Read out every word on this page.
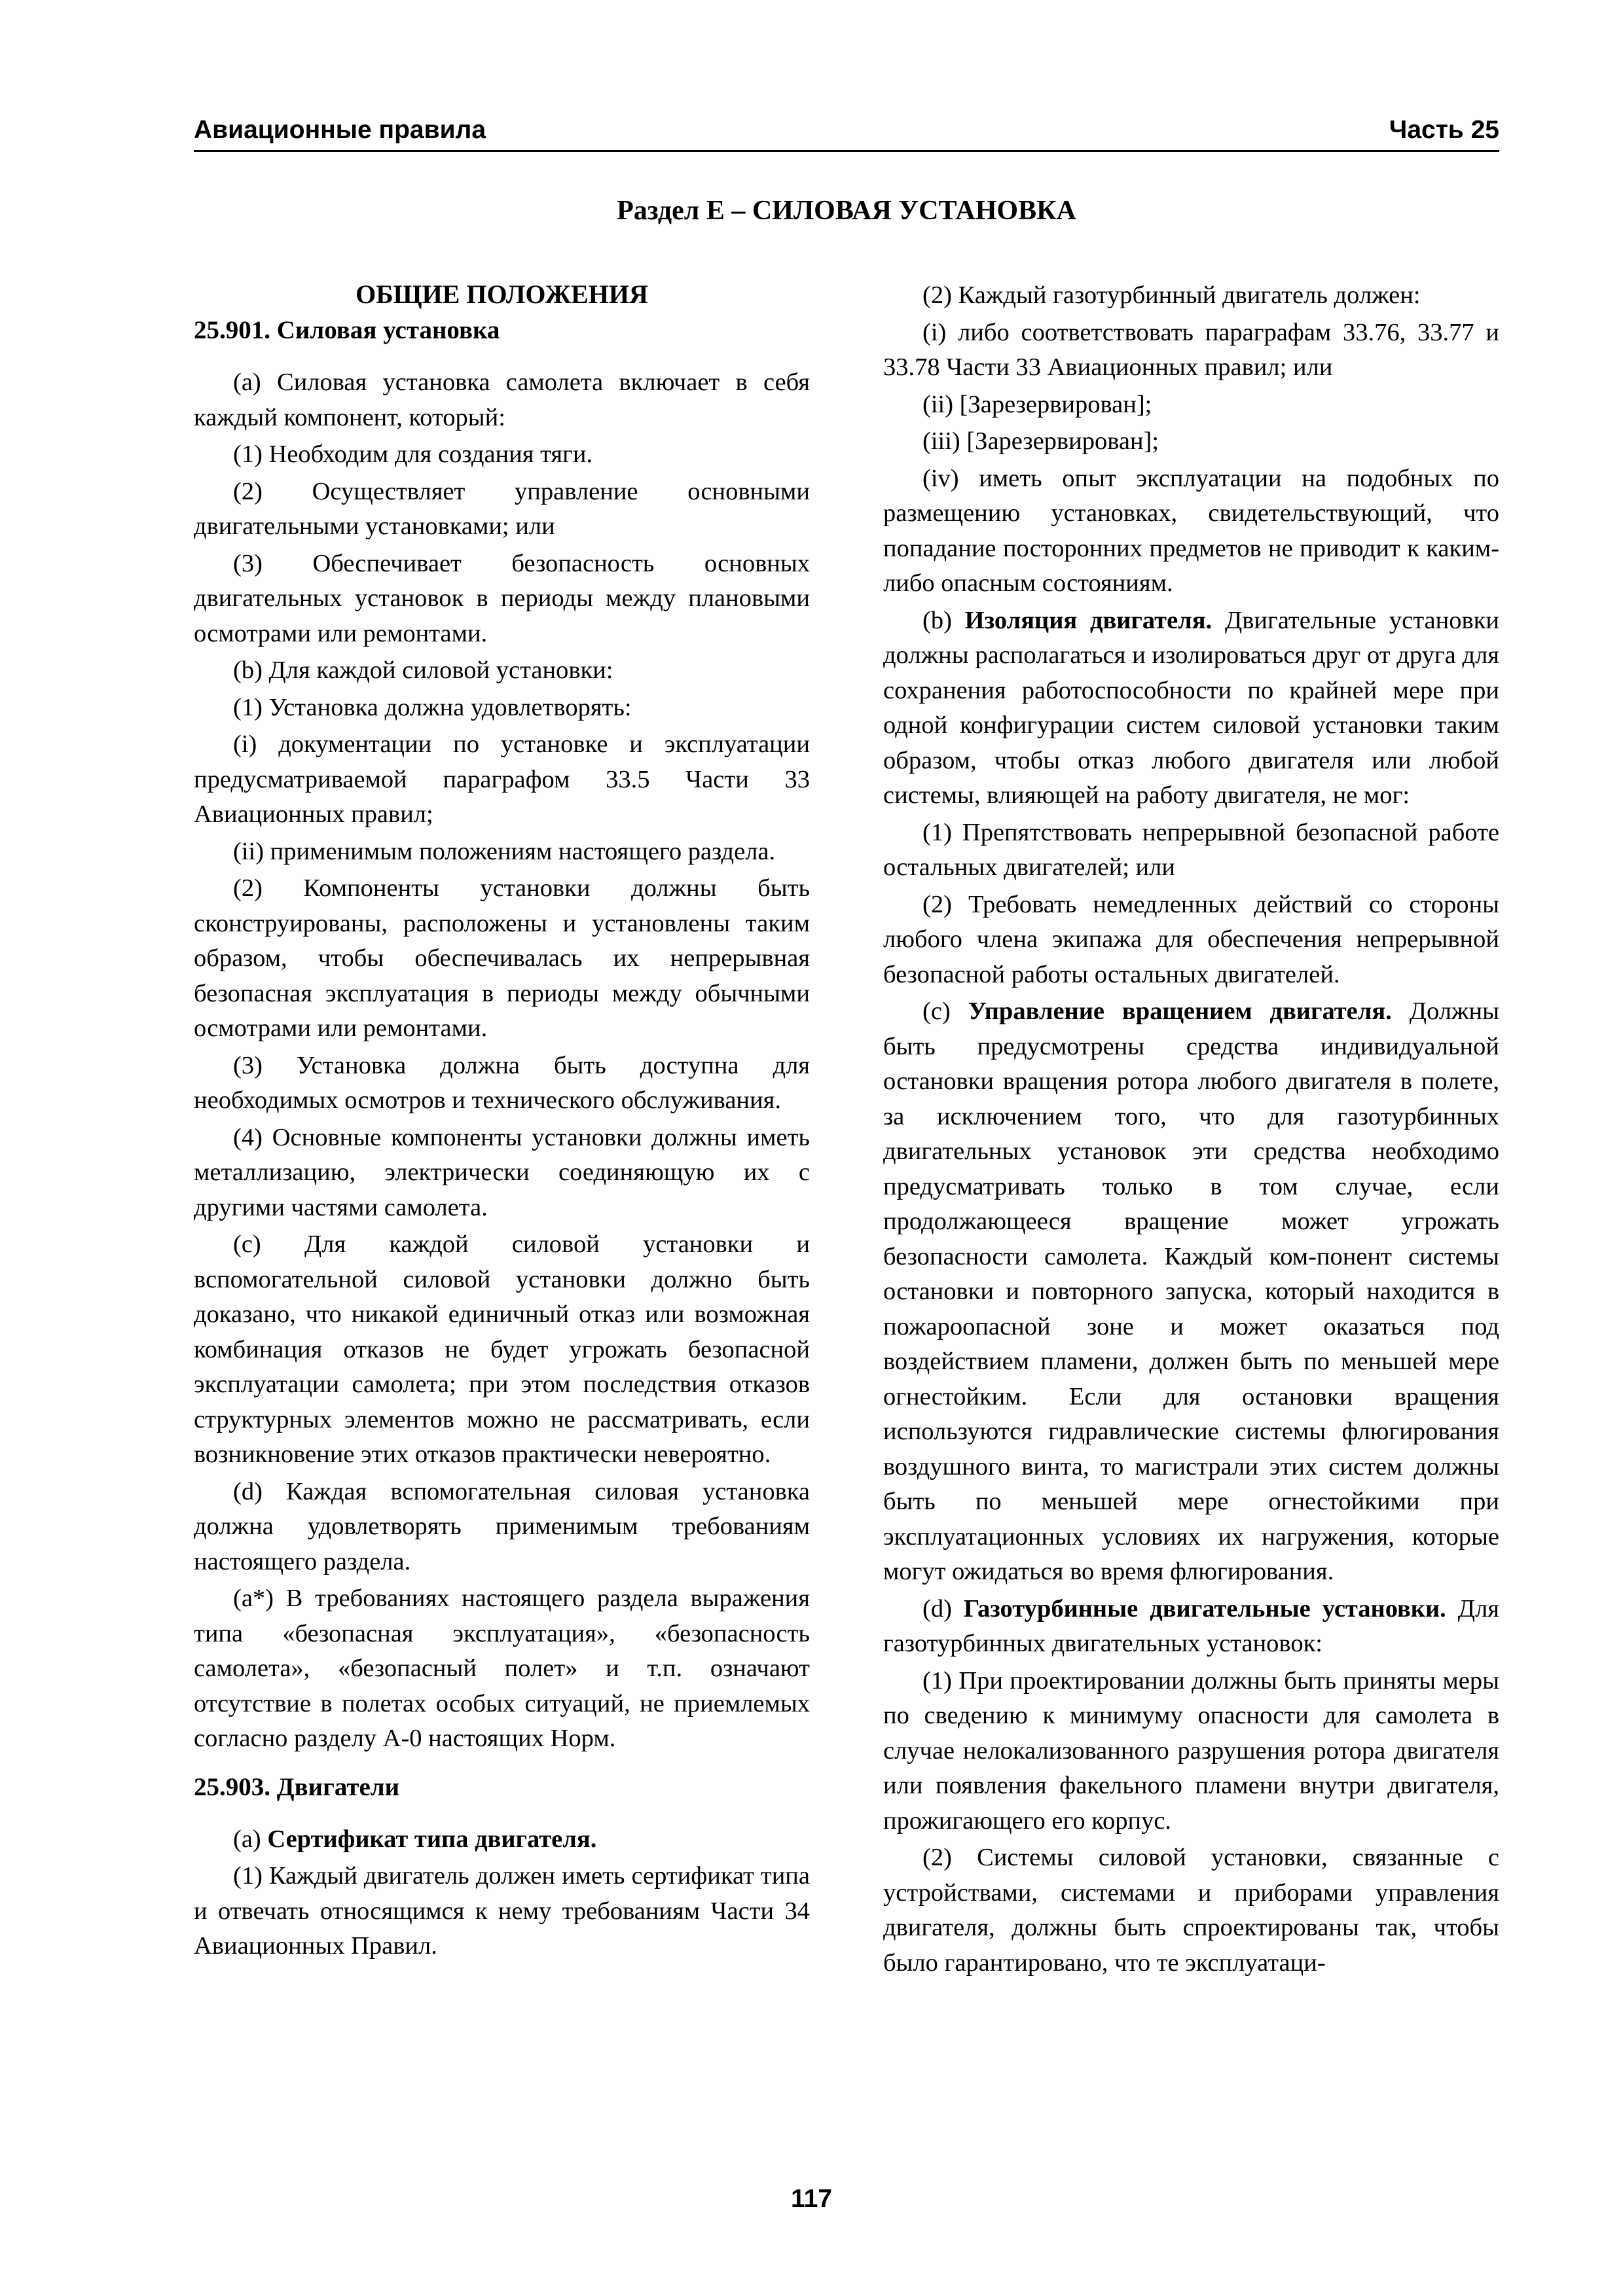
Авиационные правила	Часть 25
Раздел Е – СИЛОВАЯ УСТАНОВКА
ОБЩИЕ ПОЛОЖЕНИЯ
25.901. Силовая установка

(a) Силовая установка самолета включает в себя каждый компонент, который:

(1) Необходим для создания тяги.

(2) Осуществляет управление основными двигательными установками; или

(3) Обеспечивает безопасность основных двигательных установок в периоды между плановыми осмотрами или ремонтами.

(b) Для каждой силовой установки:

(1) Установка должна удовлетворять:

(i) документации по установке и эксплуатации предусматриваемой параграфом 33.5 Части 33 Авиационных правил;

(ii) применимым положениям настоящего раздела.

(2) Компоненты установки должны быть сконструированы, расположены и установлены таким образом, чтобы обеспечивалась их непрерывная безопасная эксплуатация в периоды между обычными осмотрами или ремонтами.

(3) Установка должна быть доступна для необходимых осмотров и технического обслуживания.

(4) Основные компоненты установки должны иметь металлизацию, электрически соединяющую их с другими частями самолета.

(c) Для каждой силовой установки и вспомогательной силовой установки должно быть доказано, что никакой единичный отказ или возможная комбинация отказов не будет угрожать безопасной эксплуатации самолета; при этом последствия отказов структурных элементов можно не рассматривать, если возникновение этих отказов практически невероятно.

(d) Каждая вспомогательная силовая установка должна удовлетворять применимым требованиям настоящего раздела.

(a*) В требованиях настоящего раздела выражения типа «безопасная эксплуатация», «безопасность самолета», «безопасный полет» и т.п. означают отсутствие в полетах особых ситуаций, не приемлемых согласно разделу А-0 настоящих Норм.

25.903. Двигатели

(a) Сертификат типа двигателя.

(1) Каждый двигатель должен иметь сертификат типа и отвечать относящимся к нему требованиям Части 34 Авиационных Правил.

(2) Каждый газотурбинный двигатель должен:

(i) либо соответствовать параграфам 33.76, 33.77 и 33.78 Части 33 Авиационных правил; или

(ii) [Зарезервирован];

(iii) [Зарезервирован];

(iv) иметь опыт эксплуатации на подобных по размещению установках, свидетельствующий, что попадание посторонних предметов не приводит к каким-либо опасным состояниям.

(b) Изоляция двигателя. Двигательные установки должны располагаться и изолироваться друг от друга для сохранения работоспособности по крайней мере при одной конфигурации систем силовой установки таким образом, чтобы отказ любого двигателя или любой системы, влияющей на работу двигателя, не мог:

(1) Препятствовать непрерывной безопасной работе остальных двигателей; или

(2) Требовать немедленных действий со стороны любого члена экипажа для обеспечения непрерывной безопасной работы остальных двигателей.

(c) Управление вращением двигателя. Должны быть предусмотрены средства индивидуальной остановки вращения ротора любого двигателя в полете, за исключением того, что для газотурбинных двигательных установок эти средства необходимо предусматривать только в том случае, если продолжающееся вращение может угрожать безопасности самолета. Каждый ком-понент системы остановки и повторного запуска, который находится в пожароопасной зоне и может оказаться под воздействием пламени, должен быть по меньшей мере огнестойким. Если для остановки вращения используются гидравлические системы флюгирования воздушного винта, то магистрали этих систем должны быть по меньшей мере огнестойкими при эксплуатационных условиях их нагружения, которые могут ожидаться во время флюгирования.

(d) Газотурбинные двигательные установки. Для газотурбинных двигательных установок:

(1) При проектировании должны быть приняты меры по сведению к минимуму опасности для самолета в случае нелокализованного разрушения ротора двигателя или появления факельного пламени внутри двигателя, прожигающего его корпус.

(2) Системы силовой установки, связанные с устройствами, системами и приборами управления двигателя, должны быть спроектированы так, чтобы было гарантировано, что те эксплуатаци-

117
